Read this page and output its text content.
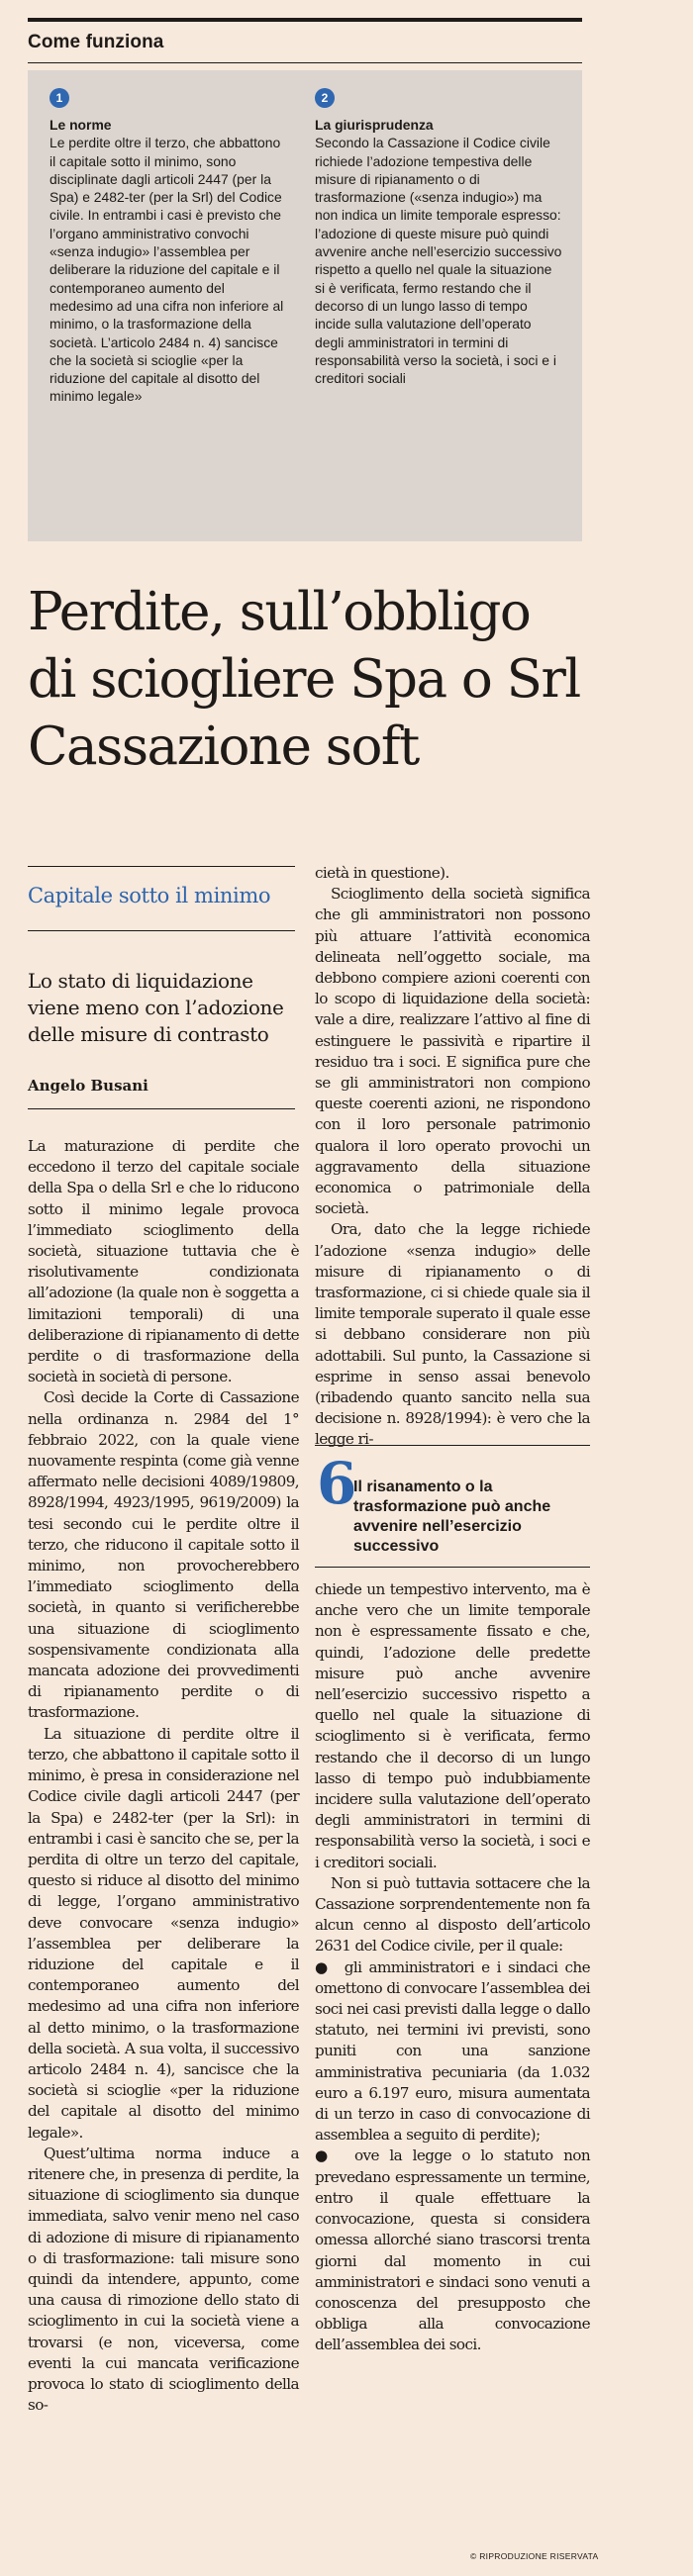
Come funziona
1
Le norme
Le perdite oltre il terzo, che abbattono il capitale sotto il minimo, sono disciplinate dagli articoli 2447 (per la Spa) e 2482-ter (per la Srl) del Codice civile. In entrambi i casi è previsto che l’organo amministrativo convochi «senza indugio» l’assemblea per deliberare la riduzione del capitale e il contemporaneo aumento del medesimo ad una cifra non inferiore al minimo, o la trasformazione della società. L’articolo 2484 n. 4) sancisce che la società si scioglie «per la riduzione del capitale al disotto del minimo legale»
2
La giurisprudenza
Secondo la Cassazione il Codice civile richiede l’adozione tempestiva delle misure di ripianamento o di trasformazione («senza indugio») ma non indica un limite temporale espresso: l’adozione di queste misure può quindi avvenire anche nell’esercizio successivo rispetto a quello nel quale la situazione si è verificata, fermo restando che il decorso di un lungo lasso di tempo incide sulla valutazione dell’operato degli amministratori in termini di responsabilità verso la società, i soci e i creditori sociali
Perdite, sull’obbligo
di sciogliere Spa o Srl
Cassazione soft
Capitale sotto il minimo
Lo stato di liquidazione viene meno con l’adozione delle misure di contrasto
Angelo Busani

La maturazione di perdite che eccedono il terzo del capitale sociale della Spa o della Srl e che lo riducono sotto il minimo legale provoca l’immediato scioglimento della società, situazione tuttavia che è risolutivamente condizionata all’adozione (la quale non è soggetta a limitazioni temporali) di una deliberazione di ripianamento di dette perdite o di trasformazione della società in società di persone.

Così decide la Corte di Cassazione nella ordinanza n. 2984 del 1° febbraio 2022, con la quale viene nuovamente respinta (come già venne affermato nelle decisioni 4089/19809, 8928/1994, 4923/1995, 9619/2009) la tesi secondo cui le perdite oltre il terzo, che riducono il capitale sotto il minimo, non provocherebbero l’immediato scioglimento della società, in quanto si verificherebbe una situazione di scioglimento sospensivamente condizionata alla mancata adozione dei provvedimenti di ripianamento perdite o di trasformazione.

La situazione di perdite oltre il terzo, che abbattono il capitale sotto il minimo, è presa in considerazione nel Codice civile dagli articoli 2447 (per la Spa) e 2482-ter (per la Srl): in entrambi i casi è sancito che se, per la perdita di oltre un terzo del capitale, questo si riduce al disotto del minimo di legge, l’organo amministrativo deve convocare «senza indugio» l’assemblea per deliberare la riduzione del capitale e il contemporaneo aumento del medesimo ad una cifra non inferiore al detto minimo, o la trasformazione della società. A sua volta, il successivo articolo 2484 n. 4), sancisce che la società si scioglie «per la riduzione del capitale al disotto del minimo legale».

Quest’ultima norma induce a ritenere che, in presenza di perdite, la situazione di scioglimento sia dunque immediata, salvo venir meno nel caso di adozione di misure di ripianamento o di trasformazione: tali misure sono quindi da intendere, appunto, come una causa di rimozione dello stato di scioglimento in cui la società viene a trovarsi (e non, viceversa, come eventi la cui mancata verificazione provoca lo stato di scioglimento della so-

cietà in questione).

Scioglimento della società significa che gli amministratori non possono più attuare l’attività economica delineata nell’oggetto sociale, ma debbono compiere azioni coerenti con lo scopo di liquidazione della società: vale a dire, realizzare l’attivo al fine di estinguere le passività e ripartire il residuo tra i soci. E significa pure che se gli amministratori non compiono queste coerenti azioni, ne rispondono con il loro personale patrimonio qualora il loro operato provochi un aggravamento della situazione economica o patrimoniale della società.

Ora, dato che la legge richiede l’adozione «senza indugio» delle misure di ripianamento o di trasformazione, ci si chiede quale sia il limite temporale superato il quale esse si debbano considerare non più adottabili. Sul punto, la Cassazione si esprime in senso assai benevolo (ribadendo quanto sancito nella sua decisione n. 8928/1994): è vero che la legge ri-

6
Il risanamento o la trasformazione può anche avvenire nell’esercizio successivo

chiede un tempestivo intervento, ma è anche vero che un limite temporale non è espressamente fissato e che, quindi, l’adozione delle predette misure può anche avvenire nell’esercizio successivo rispetto a quello nel quale la situazione di scioglimento si è verificata, fermo restando che il decorso di un lungo lasso di tempo può indubbiamente incidere sulla valutazione dell’operato degli amministratori in termini di responsabilità verso la società, i soci e i creditori sociali.

Non si può tuttavia sottacere che la Cassazione sorprendentemente non fa alcun cenno al disposto dell’articolo 2631 del Codice civile, per il quale:

● gli amministratori e i sindaci che omettono di convocare l’assemblea dei soci nei casi previsti dalla legge o dallo statuto, nei termini ivi previsti, sono puniti con una sanzione amministrativa pecuniaria (da 1.032 euro a 6.197 euro, misura aumentata di un terzo in caso di convocazione di assemblea a seguito di perdite);

● ove la legge o lo statuto non prevedano espressamente un termine, entro il quale effettuare la convocazione, questa si considera omessa allorché siano trascorsi trenta giorni dal momento in cui amministratori e sindaci sono venuti a conoscenza del presupposto che obbliga alla convocazione dell’assemblea dei soci.

© RIPRODUZIONE RISERVATA
